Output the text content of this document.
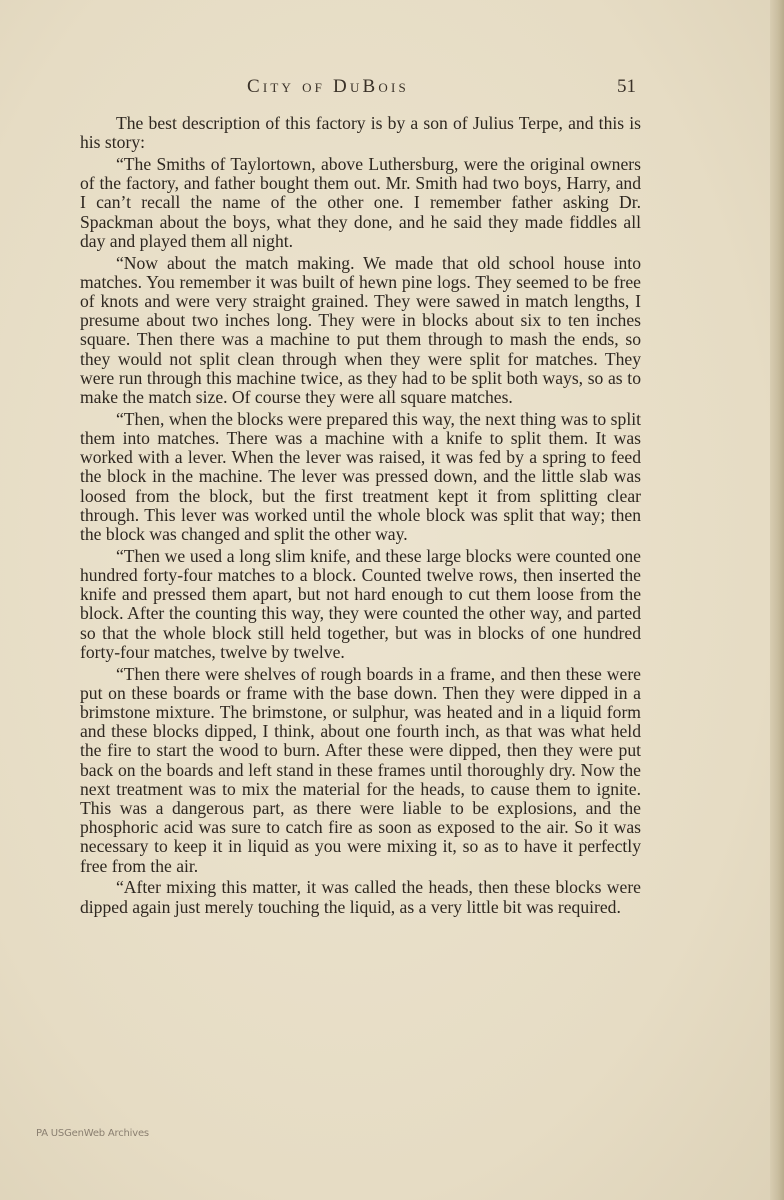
City of DuBois	51

The best description of this factory is by a son of Julius Terpe, and this is his story:

“The Smiths of Taylortown, above Luthersburg, were the original owners of the factory, and father bought them out. Mr. Smith had two boys, Harry, and I can’t recall the name of the other one. I remember father asking Dr. Spackman about the boys, what they done, and he said they made fiddles all day and played them all night.

“Now about the match making. We made that old school house into matches. You remember it was built of hewn pine logs. They seemed to be free of knots and were very straight grained. They were sawed in match lengths, I presume about two inches long. They were in blocks about six to ten inches square. Then there was a machine to put them through to mash the ends, so they would not split clean through when they were split for matches. They were run through this machine twice, as they had to be split both ways, so as to make the match size. Of course they were all square matches.

“Then, when the blocks were prepared this way, the next thing was to split them into matches. There was a machine with a knife to split them. It was worked with a lever. When the lever was raised, it was fed by a spring to feed the block in the machine. The lever was pressed down, and the little slab was loosed from the block, but the first treatment kept it from splitting clear through. This lever was worked until the whole block was split that way; then the block was changed and split the other way.

“Then we used a long slim knife, and these large blocks were counted one hundred forty-four matches to a block. Counted twelve rows, then inserted the knife and pressed them apart, but not hard enough to cut them loose from the block. After the counting this way, they were counted the other way, and parted so that the whole block still held together, but was in blocks of one hundred forty-four matches, twelve by twelve.

“Then there were shelves of rough boards in a frame, and then these were put on these boards or frame with the base down. Then they were dipped in a brimstone mixture. The brimstone, or sulphur, was heated and in a liquid form and these blocks dipped, I think, about one fourth inch, as that was what held the fire to start the wood to burn. After these were dipped, then they were put back on the boards and left stand in these frames until thoroughly dry. Now the next treatment was to mix the material for the heads, to cause them to ignite. This was a dangerous part, as there were liable to be explosions, and the phosphoric acid was sure to catch fire as soon as exposed to the air. So it was necessary to keep it in liquid as you were mixing it, so as to have it perfectly free from the air.

“After mixing this matter, it was called the heads, then these blocks were dipped again just merely touching the liquid, as a very little bit was required.

PA USGenWeb Archives
